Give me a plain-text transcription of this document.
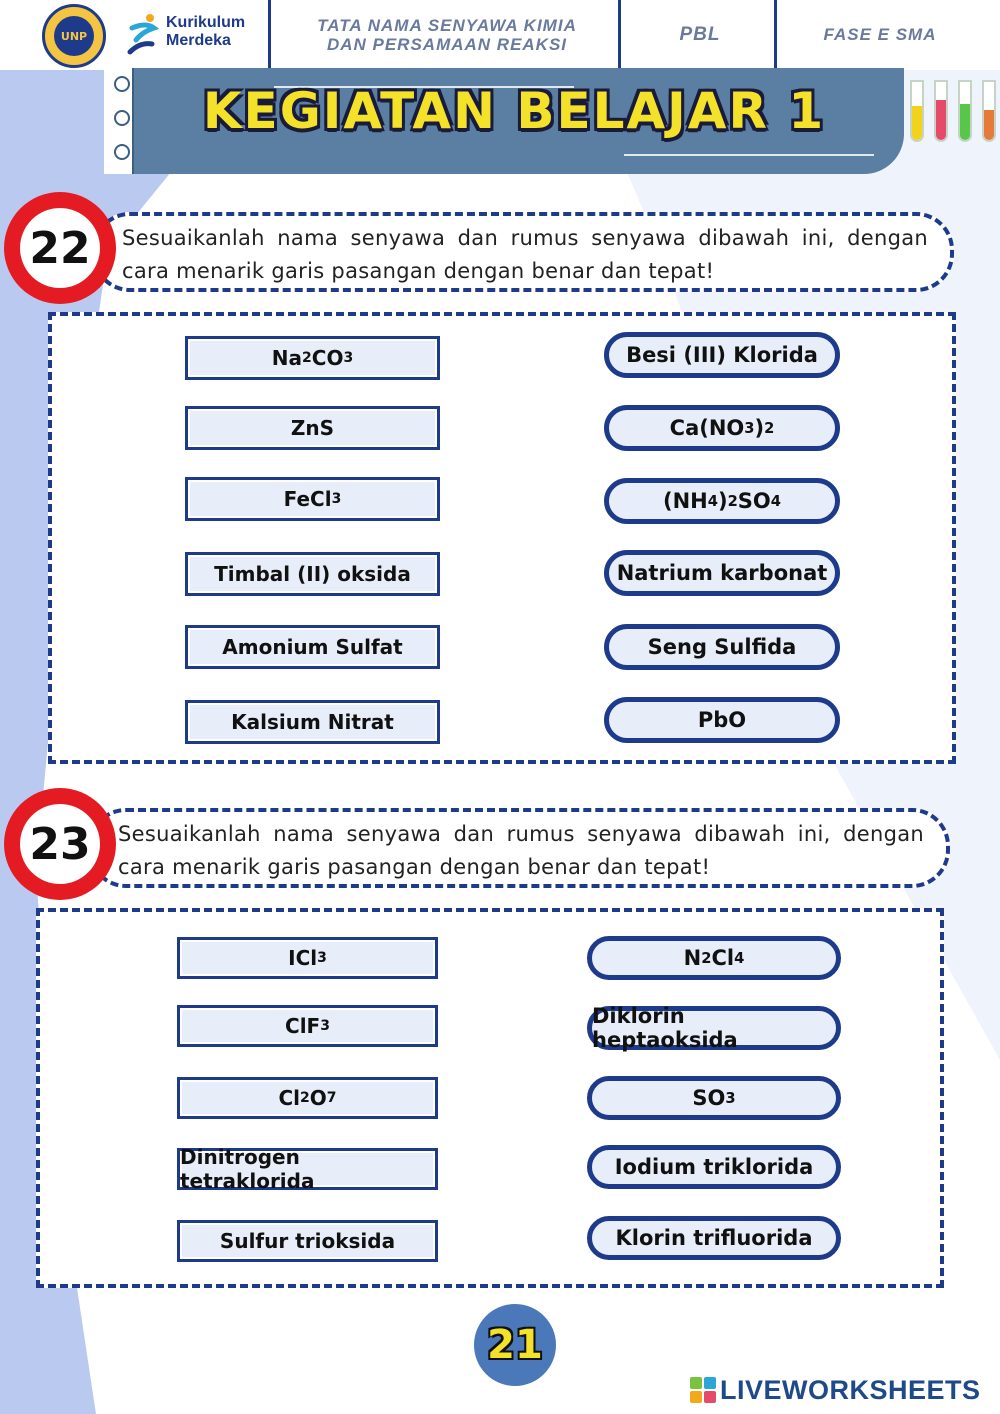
UNP
Kurikulum
Merdeka
TATA NAMA SENYAWA KIMIA
DAN PERSAMAAN REAKSI	PBL	FASE E SMA
KEGIATAN BELAJAR 1
22	Sesuaikanlah nama senyawa dan rumus senyawa dibawah ini, dengan cara menarik garis pasangan dengan benar dan tepat!
Na 2 CO 3
ZnS
FeCl 3
Timbal (II) oksida
Amonium Sulfat
Kalsium Nitrat
Besi (III) Klorida
Ca(NO 3 ) 2
(NH 4 ) 2 SO 4
Natrium karbonat
Seng Sulfida
PbO
23	Sesuaikanlah nama senyawa dan rumus senyawa dibawah ini, dengan cara menarik garis pasangan dengan benar dan tepat!
ICl 3
ClF 3
Cl 2 O 7
Dinitrogen tetraklorida
Sulfur trioksida
N 2 Cl 4
Diklorin heptaoksida
SO 3
Iodium triklorida
Klorin trifluorida
21
LIVEWORKSHEETS
